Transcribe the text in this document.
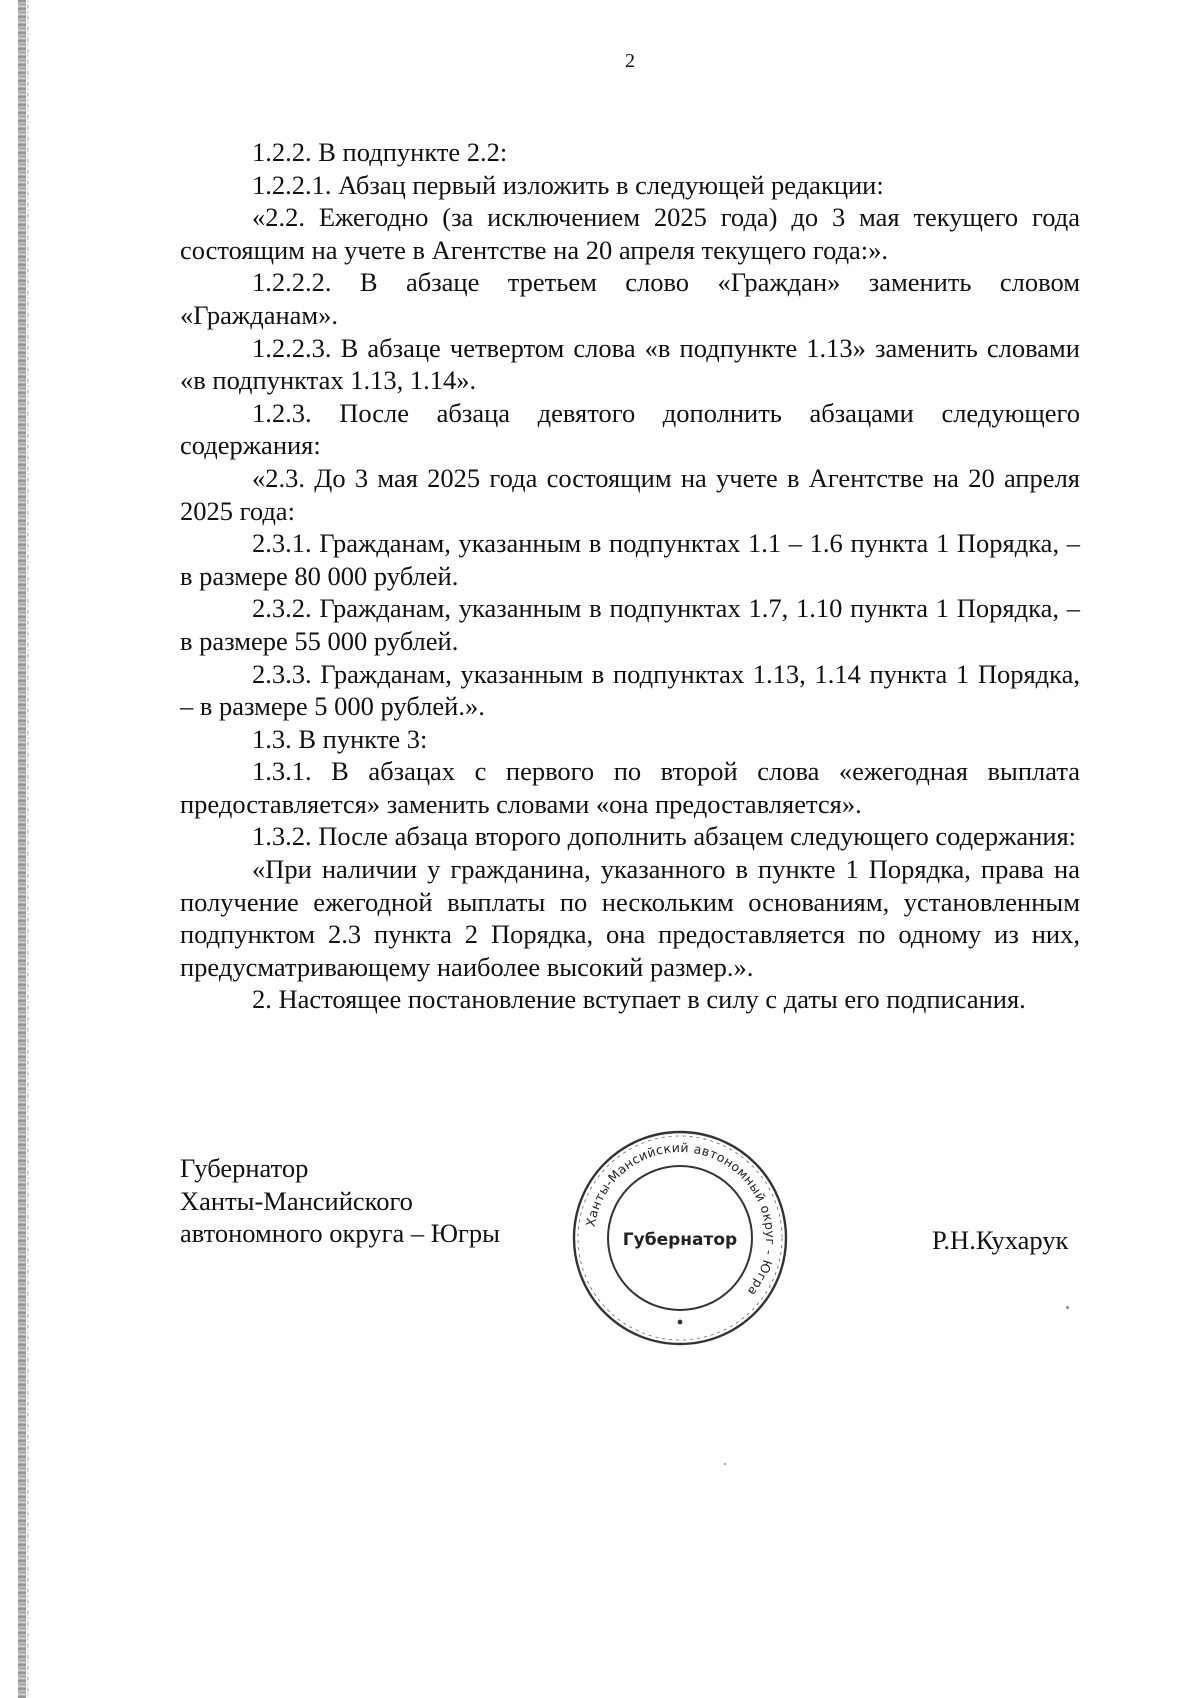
2

1.2.2. В подпункте 2.2:

1.2.2.1. Абзац первый изложить в следующей редакции:

«2.2. Ежегодно (за исключением 2025 года) до 3 мая текущего года состоящим на учете в Агентстве на 20 апреля текущего года:».

1.2.2.2. В абзаце третьем слово «Граждан» заменить словом «Гражданам».

1.2.2.3. В абзаце четвертом слова «в подпункте 1.13» заменить словами «в подпунктах 1.13, 1.14».

1.2.3. После абзаца девятого дополнить абзацами следующего содержания:

«2.3. До 3 мая 2025 года состоящим на учете в Агентстве на 20 апреля 2025 года:

2.3.1. Гражданам, указанным в подпунктах 1.1 – 1.6 пункта 1 Порядка, – в размере 80 000 рублей.

2.3.2. Гражданам, указанным в подпунктах 1.7, 1.10 пункта 1 Порядка, – в размере 55 000 рублей.

2.3.3. Гражданам, указанным в подпунктах 1.13, 1.14 пункта 1 Порядка, – в размере 5 000 рублей.».

1.3. В пункте 3:

1.3.1. В абзацах с первого по второй слова «ежегодная выплата предоставляется» заменить словами «она предоставляется».

1.3.2. После абзаца второго дополнить абзацем следующего содержания:

«При наличии у гражданина, указанного в пункте 1 Порядка, права на получение ежегодной выплаты по нескольким основаниям, установленным подпунктом 2.3 пункта 2 Порядка, она предоставляется по одному из них, предусматривающему наиболее высокий размер.».

2. Настоящее постановление вступает в силу с даты его подписания.

Губернатор
Ханты-Мансийского
автономного округа – Югры	Ханты-Мансийский автономный округ - Югра
Губернатор	Р.Н.Кухарук
